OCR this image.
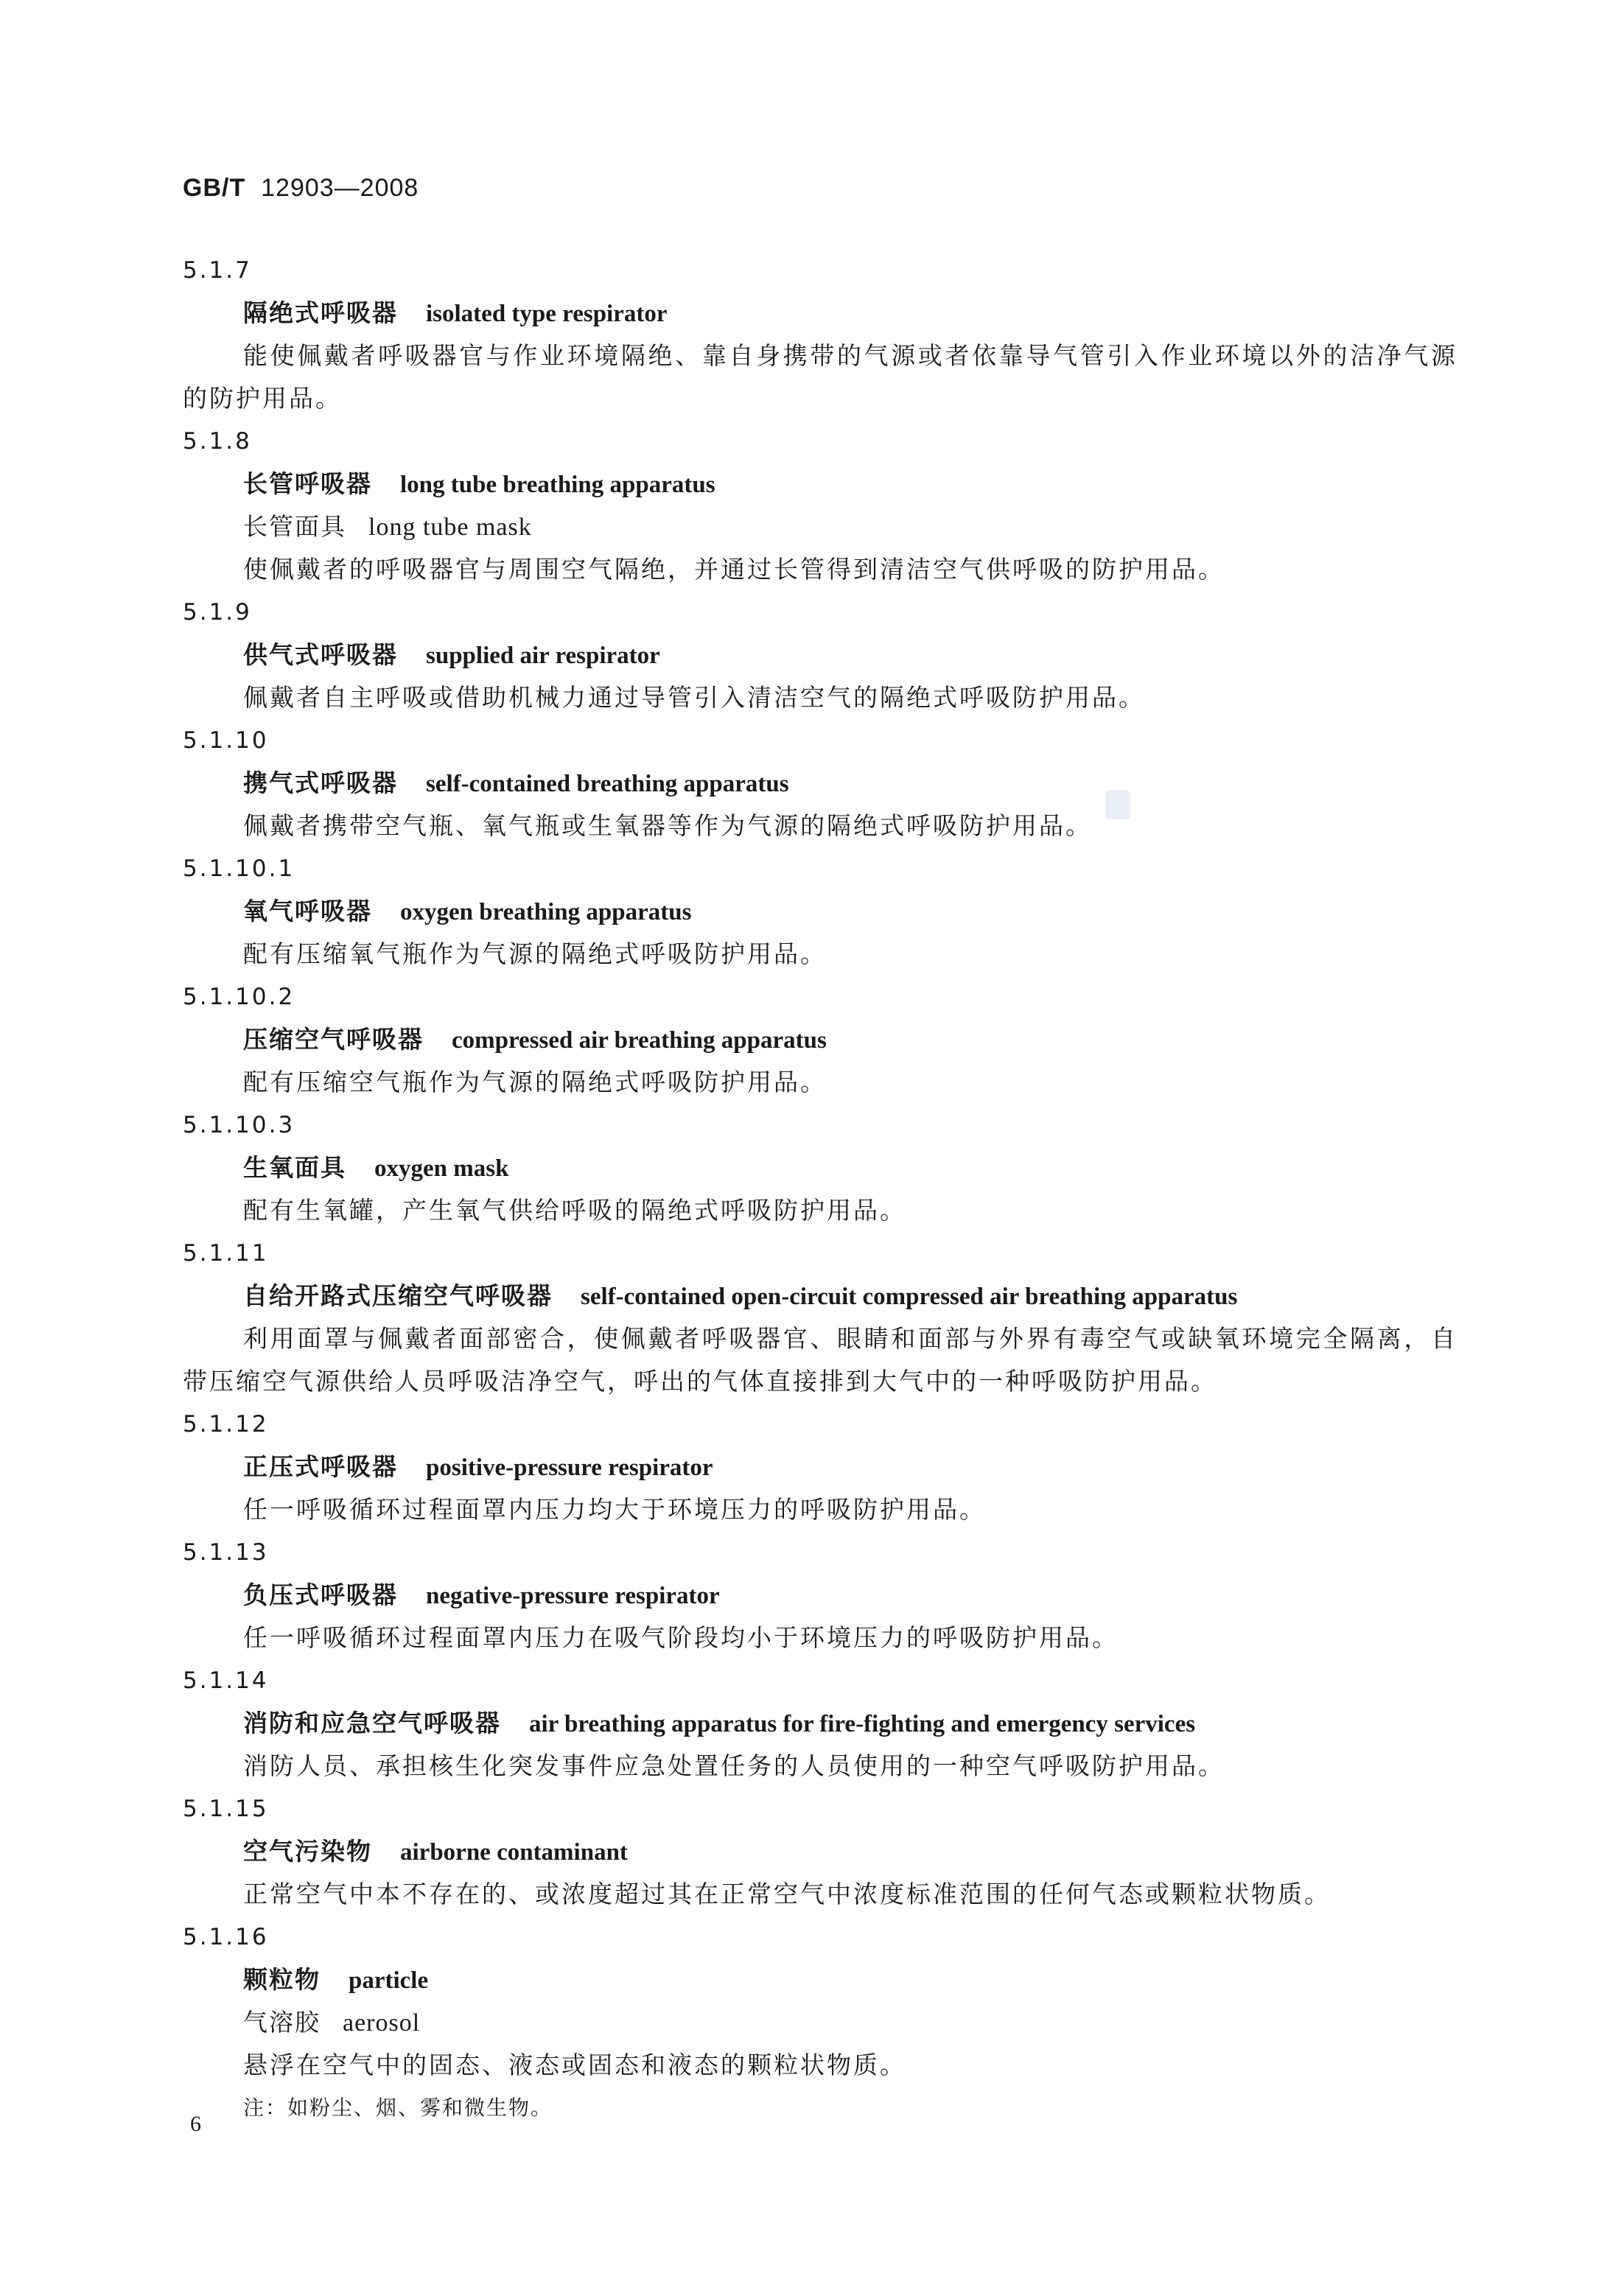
GB/T 12903—2008
5.1.7
隔绝式呼吸器 isolated type respirator
能使佩戴者呼吸器官与作业环境隔绝、靠自身携带的气源或者依靠导气管引入作业环境以外的洁净气源的防护用品。
5.1.8
长管呼吸器 long tube breathing apparatus
长管面具 long tube mask
使佩戴者的呼吸器官与周围空气隔绝，并通过长管得到清洁空气供呼吸的防护用品。
5.1.9
供气式呼吸器 supplied air respirator
佩戴者自主呼吸或借助机械力通过导管引入清洁空气的隔绝式呼吸防护用品。
5.1.10
携气式呼吸器 self-contained breathing apparatus
佩戴者携带空气瓶、氧气瓶或生氧器等作为气源的隔绝式呼吸防护用品。
5.1.10.1
氧气呼吸器 oxygen breathing apparatus
配有压缩氧气瓶作为气源的隔绝式呼吸防护用品。
5.1.10.2
压缩空气呼吸器 compressed air breathing apparatus
配有压缩空气瓶作为气源的隔绝式呼吸防护用品。
5.1.10.3
生氧面具 oxygen mask
配有生氧罐，产生氧气供给呼吸的隔绝式呼吸防护用品。
5.1.11
自给开路式压缩空气呼吸器 self-contained open-circuit compressed air breathing apparatus
利用面罩与佩戴者面部密合，使佩戴者呼吸器官、眼睛和面部与外界有毒空气或缺氧环境完全隔离，自带压缩空气源供给人员呼吸洁净空气，呼出的气体直接排到大气中的一种呼吸防护用品。
5.1.12
正压式呼吸器 positive-pressure respirator
任一呼吸循环过程面罩内压力均大于环境压力的呼吸防护用品。
5.1.13
负压式呼吸器 negative-pressure respirator
任一呼吸循环过程面罩内压力在吸气阶段均小于环境压力的呼吸防护用品。
5.1.14
消防和应急空气呼吸器 air breathing apparatus for fire-fighting and emergency services
消防人员、承担核生化突发事件应急处置任务的人员使用的一种空气呼吸防护用品。
5.1.15
空气污染物 airborne contaminant
正常空气中本不存在的、或浓度超过其在正常空气中浓度标准范围的任何气态或颗粒状物质。
5.1.16
颗粒物 particle
气溶胶 aerosol
悬浮在空气中的固态、液态或固态和液态的颗粒状物质。
注：如粉尘、烟、雾和微生物。
6
